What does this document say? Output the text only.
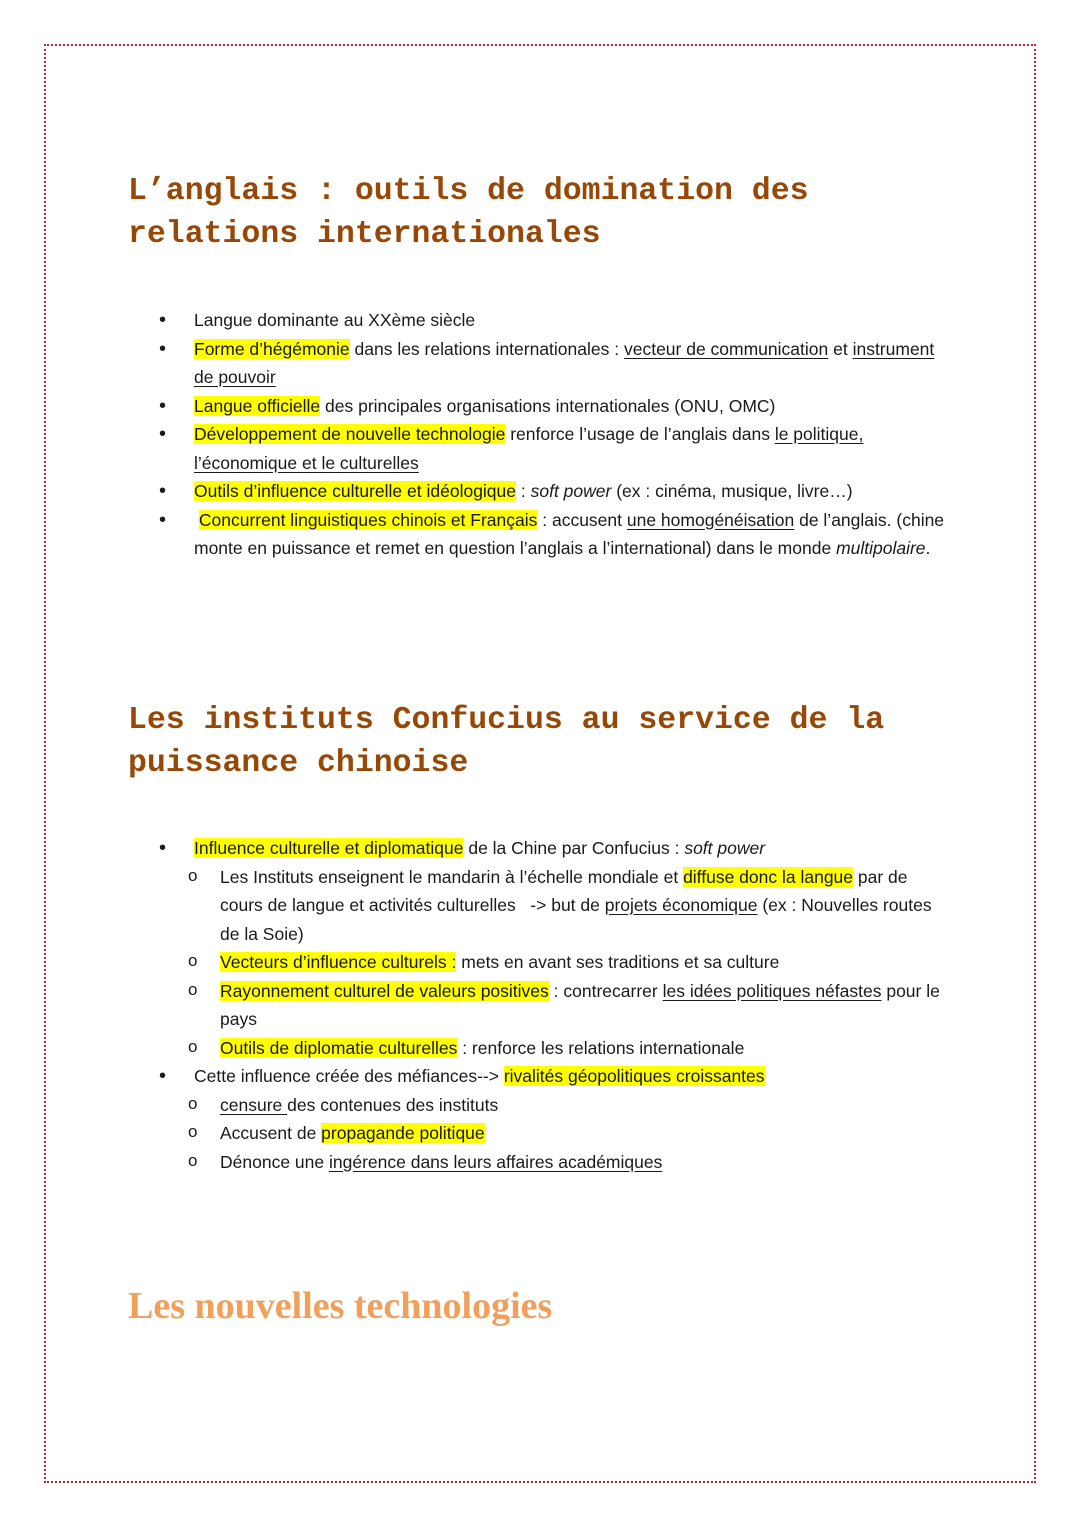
L’anglais : outils de domination des relations internationales
• Langue dominante au XXème siècle
• Forme d’hégémonie dans les relations internationales : vecteur de communication et instrument de pouvoir
• Langue officielle des principales organisations internationales (ONU, OMC)
• Développement de nouvelle technologie renforce l’usage de l’anglais dans le politique, l’économique et le culturelles
• Outils d’influence culturelle et idéologique : soft power (ex : cinéma, musique, livre…)
• Concurrent linguistiques chinois et Français : accusent une homogénéisation de l’anglais. (chine monte en puissance et remet en question l’anglais a l’international) dans le monde multipolaire.
Les instituts Confucius au service de la puissance chinoise
• Influence culturelle et diplomatique de la Chine par Confucius : soft power
o Les Instituts enseignent le mandarin à l’échelle mondiale et diffuse donc la langue par de cours de langue et activités culturelles   -> but de projets économique (ex : Nouvelles routes de la Soie)
o Vecteurs d’influence culturels : mets en avant ses traditions et sa culture
o Rayonnement culturel de valeurs positives : contrecarrer les idées politiques néfastes pour le pays
o Outils de diplomatie culturelles : renforce les relations internationale
• Cette influence créée des méfiances--> rivalités géopolitiques croissantes
o censure des contenues des instituts
o Accusent de propagande politique
o Dénonce une ingérence dans leurs affaires académiques
Les nouvelles technologies
